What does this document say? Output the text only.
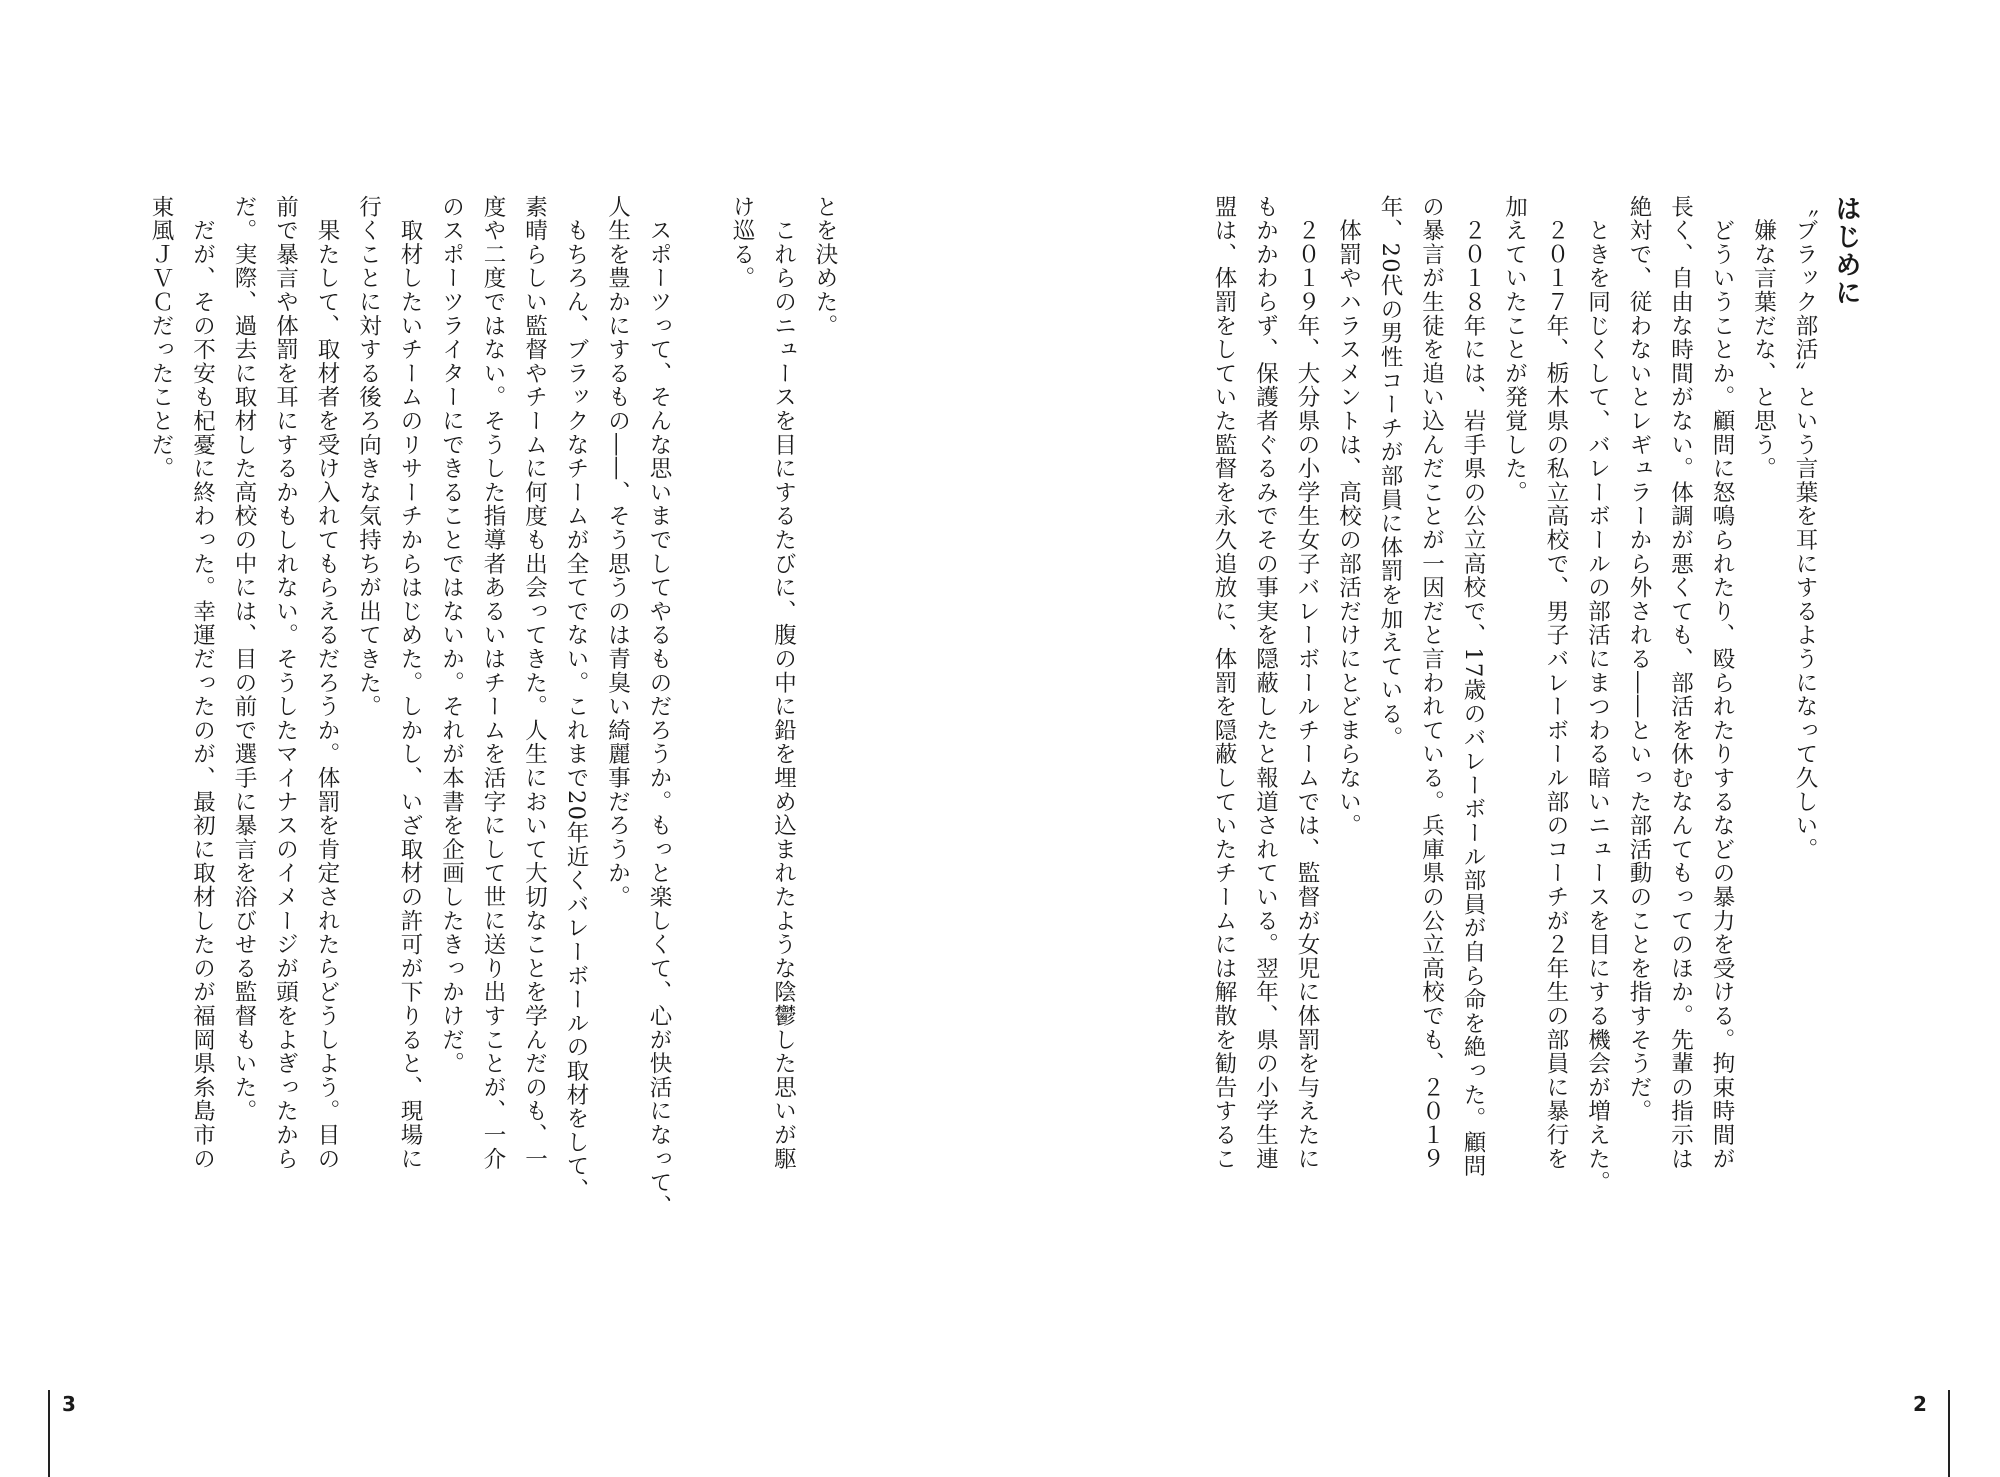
はじめに
〝ブラック部活〟という言葉を耳にするようになって久しい。
　嫌な言葉だな、と思う。
　どういうことか。顧問に怒鳴られたり、殴られたりするなどの暴力を受ける。拘束時間が
長く、自由な時間がない。体調が悪くても、部活を休むなんてもってのほか。先輩の指示は
絶対で、従わないとレギュラーから外される――といった部活動のことを指すそうだ。
　ときを同じくして、バレーボールの部活にまつわる暗いニュースを目にする機会が増えた。
　２０１７年、栃木県の私立高校で、男子バレーボール部のコーチが２年生の部員に暴行を
加えていたことが発覚した。
　２０１８年には、岩手県の公立高校で、17歳のバレーボール部員が自ら命を絶った。顧問
の暴言が生徒を追い込んだことが一因だと言われている。兵庫県の公立高校でも、２０１９
年、20代の男性コーチが部員に体罰を加えている。
　体罰やハラスメントは、高校の部活だけにとどまらない。
　２０１９年、大分県の小学生女子バレーボールチームでは、監督が女児に体罰を与えたに
もかかわらず、保護者ぐるみでその事実を隠蔽したと報道されている。翌年、県の小学生連
盟は、体罰をしていた監督を永久追放に、体罰を隠蔽していたチームには解散を勧告するこ
とを決めた。
　これらのニュースを目にするたびに、腹の中に鉛を埋め込まれたような陰鬱した思いが駆
け巡る。

　スポーツって、そんな思いまでしてやるものだろうか。もっと楽しくて、心が快活になって、
人生を豊かにするもの――、そう思うのは青臭い綺麗事だろうか。
　もちろん、ブラックなチームが全てでない。これまで20年近くバレーボールの取材をして、
素晴らしい監督やチームに何度も出会ってきた。人生において大切なことを学んだのも、一
度や二度ではない。そうした指導者あるいはチームを活字にして世に送り出すことが、一介
のスポーツライターにできることではないか。それが本書を企画したきっかけだ。
　取材したいチームのリサーチからはじめた。しかし、いざ取材の許可が下りると、現場に
行くことに対する後ろ向きな気持ちが出てきた。
　果たして、取材者を受け入れてもらえるだろうか。体罰を肯定されたらどうしよう。目の
前で暴言や体罰を耳にするかもしれない。そうしたマイナスのイメージが頭をよぎったから
だ。実際、過去に取材した高校の中には、目の前で選手に暴言を浴びせる監督もいた。
　だが、その不安も杞憂に終わった。幸運だったのが、最初に取材したのが福岡県糸島市の
東風ＪＶＣだったことだ。
3	2
